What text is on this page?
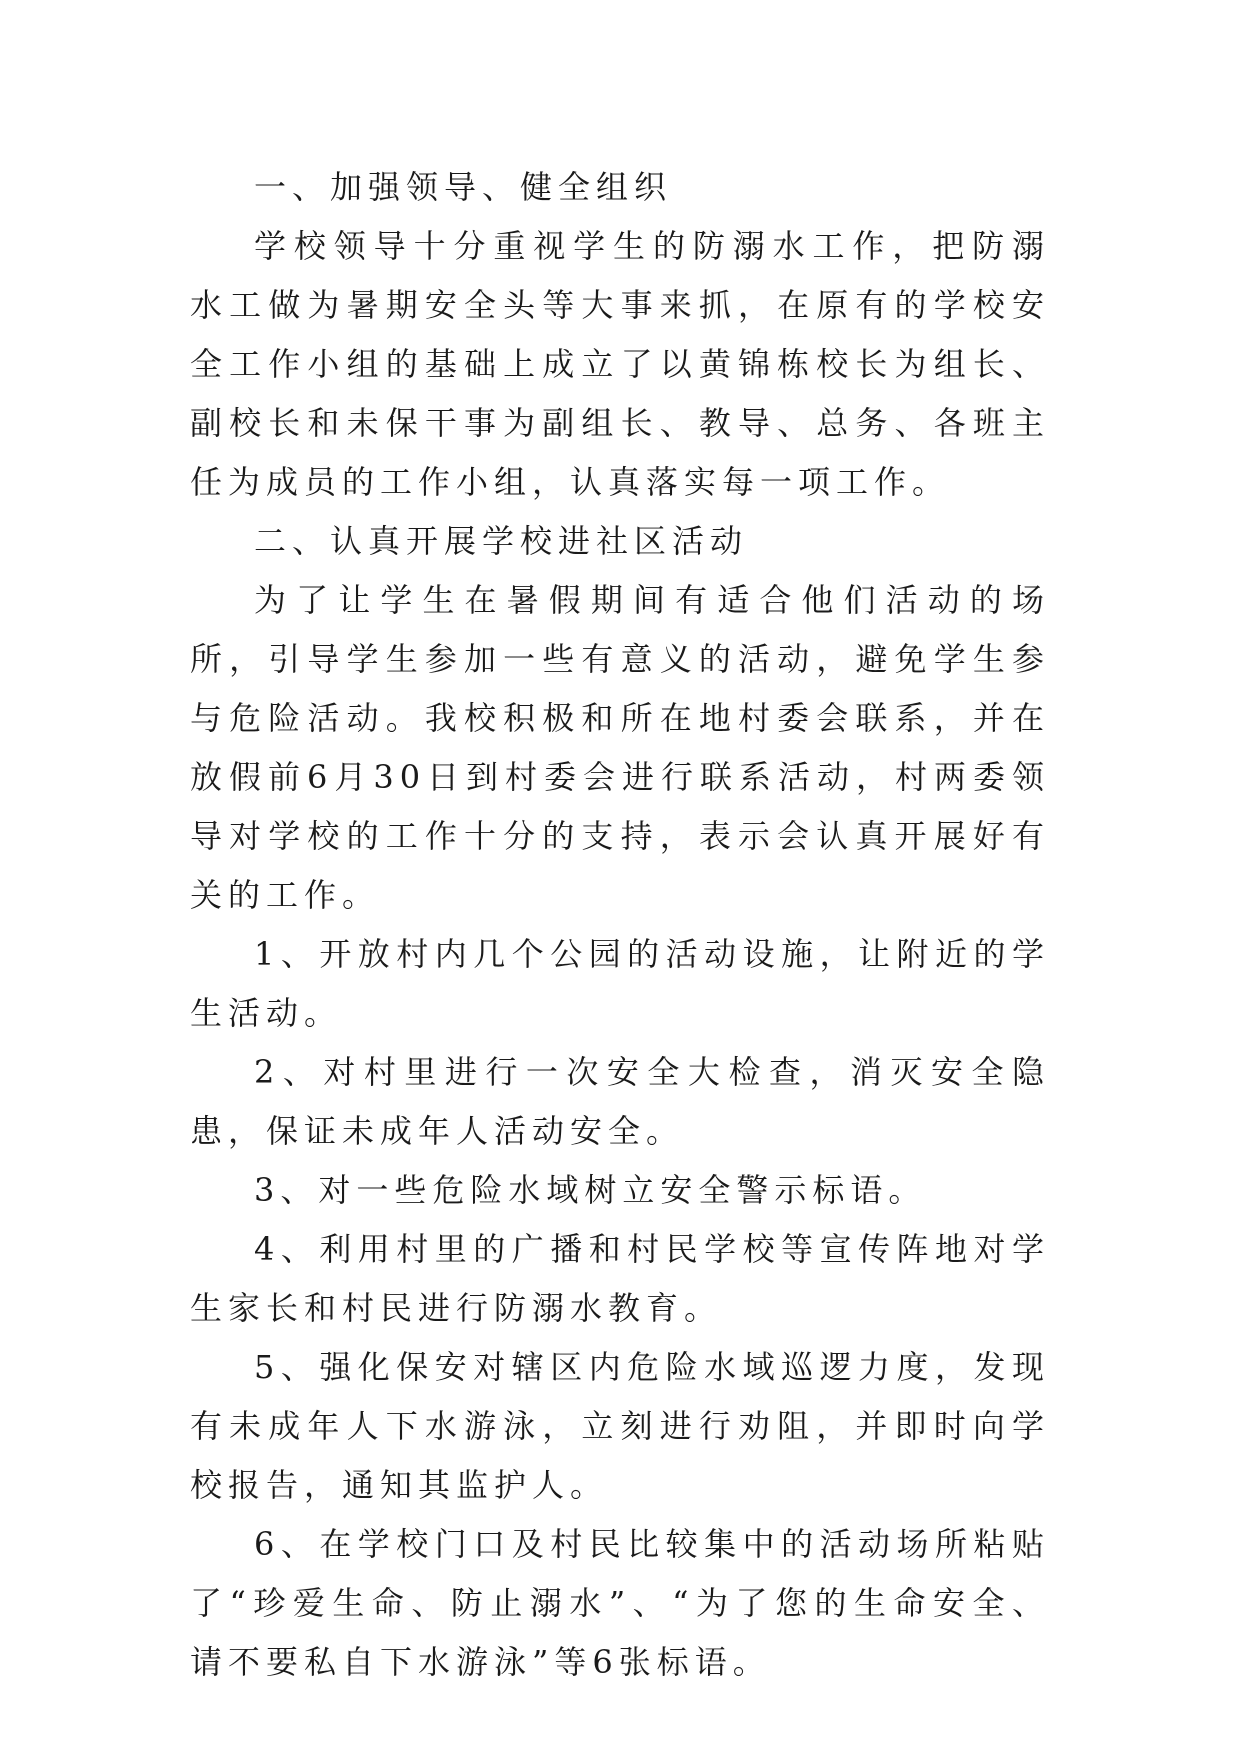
一、加强领导、健全组织

学校领导十分重视学生的防溺水工作，把防溺水工做为暑期安全头等大事来抓，在原有的学校安全工作小组的基础上成立了以黄锦栋校长为组长、副校长和未保干事为副组长、教导、总务、各班主任为成员的工作小组，认真落实每一项工作。

二、认真开展学校进社区活动

为了让学生在暑假期间有适合他们活动的场所，引导学生参加一些有意义的活动，避免学生参与危险活动。我校积极和所在地村委会联系，并在放假前6月30日到村委会进行联系活动，村两委领导对学校的工作十分的支持，表示会认真开展好有关的工作。

1、开放村内几个公园的活动设施，让附近的学生活动。

2、对村里进行一次安全大检查，消灭安全隐患，保证未成年人活动安全。

3、对一些危险水域树立安全警示标语。

4、利用村里的广播和村民学校等宣传阵地对学生家长和村民进行防溺水教育。

5、强化保安对辖区内危险水域巡逻力度，发现有未成年人下水游泳，立刻进行劝阻，并即时向学校报告，通知其监护人。

6、在学校门口及村民比较集中的活动场所粘贴了“珍爱生命、防止溺水”、“为了您的生命安全、请不要私自下水游泳”等6张标语。
